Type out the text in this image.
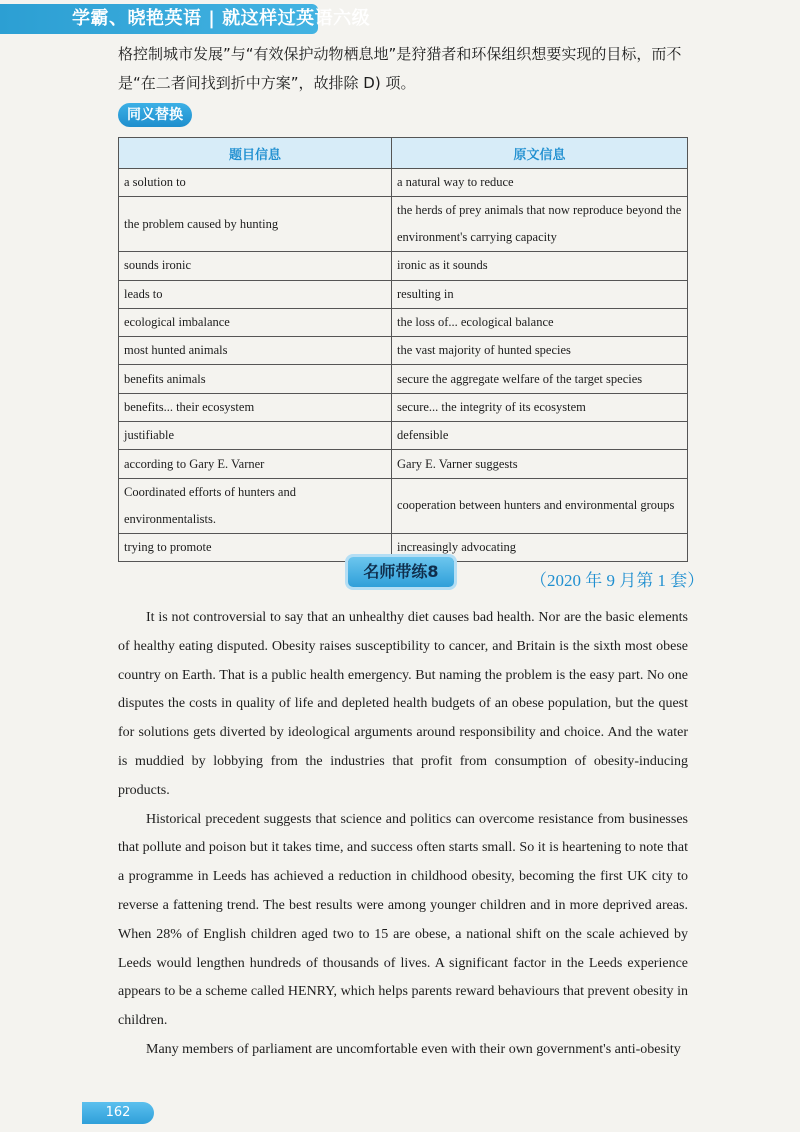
学霸、晓艳英语 | 就这样过英语六级
格控制城市发展”与“有效保护动物栖息地”是狩猎者和环保组织想要实现的目标，而不是“在二者间找到折中方案”，故排除 D) 项。
同义替换
题目信息	原文信息
a solution to	a natural way to reduce
the problem caused by hunting	the herds of prey animals that now reproduce beyond the environment's carrying capacity
sounds ironic	ironic as it sounds
leads to	resulting in
ecological imbalance	the loss of... ecological balance
most hunted animals	the vast majority of hunted species
benefits animals	secure the aggregate welfare of the target species
benefits... their ecosystem	secure... the integrity of its ecosystem
justifiable	defensible
according to Gary E. Varner	Gary E. Varner suggests
Coordinated efforts of hunters and environmentalists.	cooperation between hunters and environmental groups
trying to promote	increasingly advocating
名师带练8	（2020 年 9 月第 1 套）

It is not controversial to say that an unhealthy diet causes bad health. Nor are the basic elements of healthy eating disputed. Obesity raises susceptibility to cancer, and Britain is the sixth most obese country on Earth. That is a public health emergency. But naming the problem is the easy part. No one disputes the costs in quality of life and depleted health budgets of an obese population, but the quest for solutions gets diverted by ideological arguments around responsibility and choice. And the water is muddied by lobbying from the industries that profit from consumption of obesity-inducing products.

Historical precedent suggests that science and politics can overcome resistance from businesses that pollute and poison but it takes time, and success often starts small. So it is heartening to note that a programme in Leeds has achieved a reduction in childhood obesity, becoming the first UK city to reverse a fattening trend. The best results were among younger children and in more deprived areas. When 28% of English children aged two to 15 are obese, a national shift on the scale achieved by Leeds would lengthen hundreds of thousands of lives. A significant factor in the Leeds experience appears to be a scheme called HENRY, which helps parents reward behaviours that prevent obesity in children.

Many members of parliament are uncomfortable even with their own government's anti-obesity

162
